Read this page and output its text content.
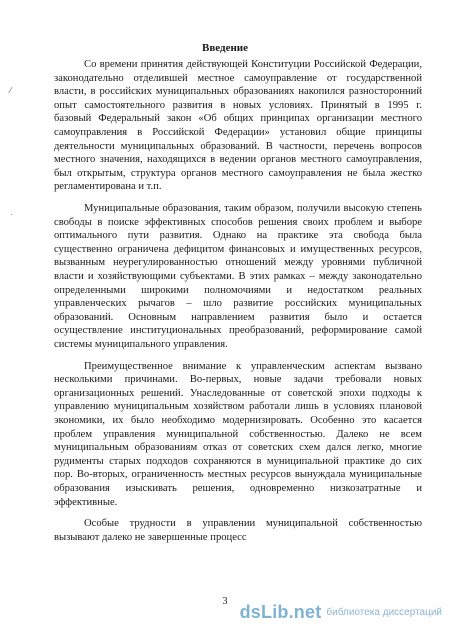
Введение
Со времени принятия действующей Конституции Российской Федерации,
законодательно отделившей местное самоуправление от государственной
власти, в российских муниципальных образованиях накопился разносторонний
опыт самостоятельного развития в новых условиях. Принятый в 1995 г.
базовый Федеральный закон «Об общих принципах организации местного
самоуправления в Российской Федерации» установил общие принципы
деятельности муниципальных образований. В частности, перечень вопросов
местного значения, находящихся в ведении органов местного самоуправления,
был открытым, структура органов местного самоуправления не была жестко
регламентирована и т.п.
Муниципальные образования, таким образом, получили высокую степень
свободы в поиске эффективных способов решения своих проблем и выборе
оптимального пути развития. Однако на практике эта свобода была
существенно ограничена дефицитом финансовых и имущественных ресурсов,
вызванным неурегулированностью отношений между уровнями публичной
власти и хозяйствующими субъектами. В этих рамках – между законодательно
определенными широкими полномочиями и недостатком реальных
управленческих рычагов – шло развитие российских муниципальных
образований. Основным направлением развития было и остается
осуществление институциональных преобразований, реформирование самой
системы муниципального управления.
Преимущественное внимание к управленческим аспектам вызвано
несколькими причинами. Во-первых, новые задачи требовали новых
организационных решений. Унаследованные от советской эпохи подходы к
управлению муниципальным хозяйством работали лишь в условиях плановой
экономики, их было необходимо модернизировать. Особенно это касается
проблем управления муниципальной собственностью. Далеко не всем
муниципальным образованиям отказ от советских схем дался легко, многие
рудименты старых подходов сохраняются в муниципальной практике до сих
пор. Во-вторых, ограниченность местных ресурсов вынуждала муниципальные
образования изыскивать решения, одновременно низкозатратные и
эффективные.
Особые трудности в управлении муниципальной собственностью
вызывают далеко не завершенные процесс
3
⁄
·
dsLib.net библиотека диссертаций
